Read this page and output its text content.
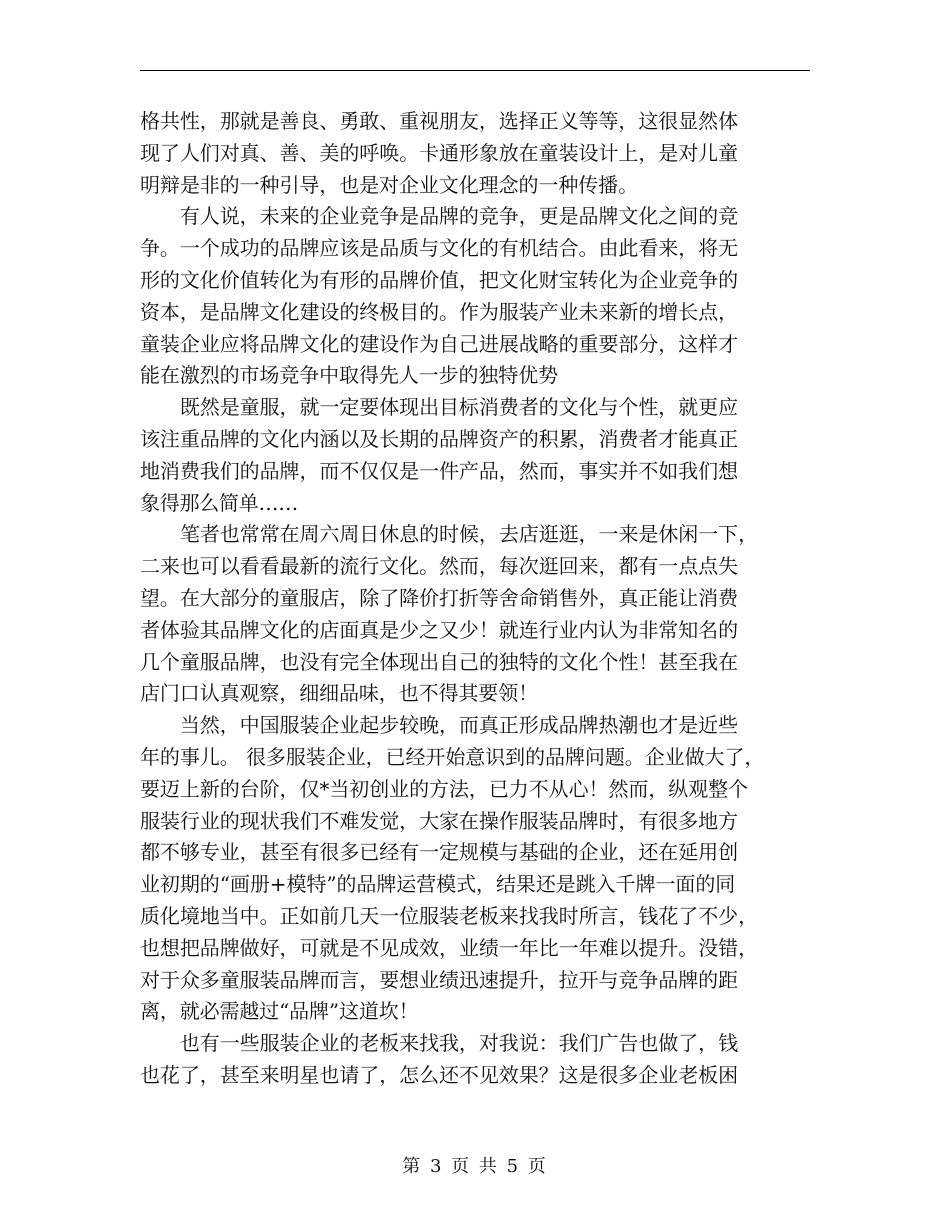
格共性，那就是善良、勇敢、重视朋友，选择正义等等，这很显然体
现了人们对真、善、美的呼唤。卡通形象放在童装设计上，是对儿童
明辩是非的一种引导，也是对企业文化理念的一种传播。
　　有人说，未来的企业竞争是品牌的竞争，更是品牌文化之间的竞
争。一个成功的品牌应该是品质与文化的有机结合。由此看来，将无
形的文化价值转化为有形的品牌价值，把文化财宝转化为企业竞争的
资本，是品牌文化建设的终极目的。作为服装产业未来新的增长点，
童装企业应将品牌文化的建设作为自己进展战略的重要部分，这样才
能在激烈的市场竞争中取得先人一步的独特优势
　　既然是童服，就一定要体现出目标消费者的文化与个性，就更应
该注重品牌的文化内涵以及长期的品牌资产的积累，消费者才能真正
地消费我们的品牌，而不仅仅是一件产品，然而，事实并不如我们想
象得那么简单……
　　笔者也常常在周六周日休息的时候，去店逛逛，一来是休闲一下，
二来也可以看看最新的流行文化。然而，每次逛回来，都有一点点失
望。在大部分的童服店，除了降价打折等舍命销售外，真正能让消费
者体验其品牌文化的店面真是少之又少！就连行业内认为非常知名的
几个童服品牌，也没有完全体现出自己的独特的文化个性！甚至我在
店门口认真观察，细细品味，也不得其要领！
　　当然，中国服装企业起步较晚，而真正形成品牌热潮也才是近些
年的事儿。 很多服装企业，已经开始意识到的品牌问题。企业做大了，
要迈上新的台阶，仅*当初创业的方法，已力不从心！然而，纵观整个
服装行业的现状我们不难发觉，大家在操作服装品牌时，有很多地方
都不够专业，甚至有很多已经有一定规模与基础的企业，还在延用创
业初期的“画册+模特”的品牌运营模式，结果还是跳入千牌一面的同
质化境地当中。正如前几天一位服装老板来找我时所言，钱花了不少，
也想把品牌做好，可就是不见成效，业绩一年比一年难以提升。没错，
对于众多童服装品牌而言，要想业绩迅速提升，拉开与竞争品牌的距
离，就必需越过“品牌”这道坎！
　　也有一些服装企业的老板来找我，对我说：我们广告也做了，钱
也花了，甚至来明星也请了，怎么还不见效果？这是很多企业老板困
第 3 页 共 5 页
